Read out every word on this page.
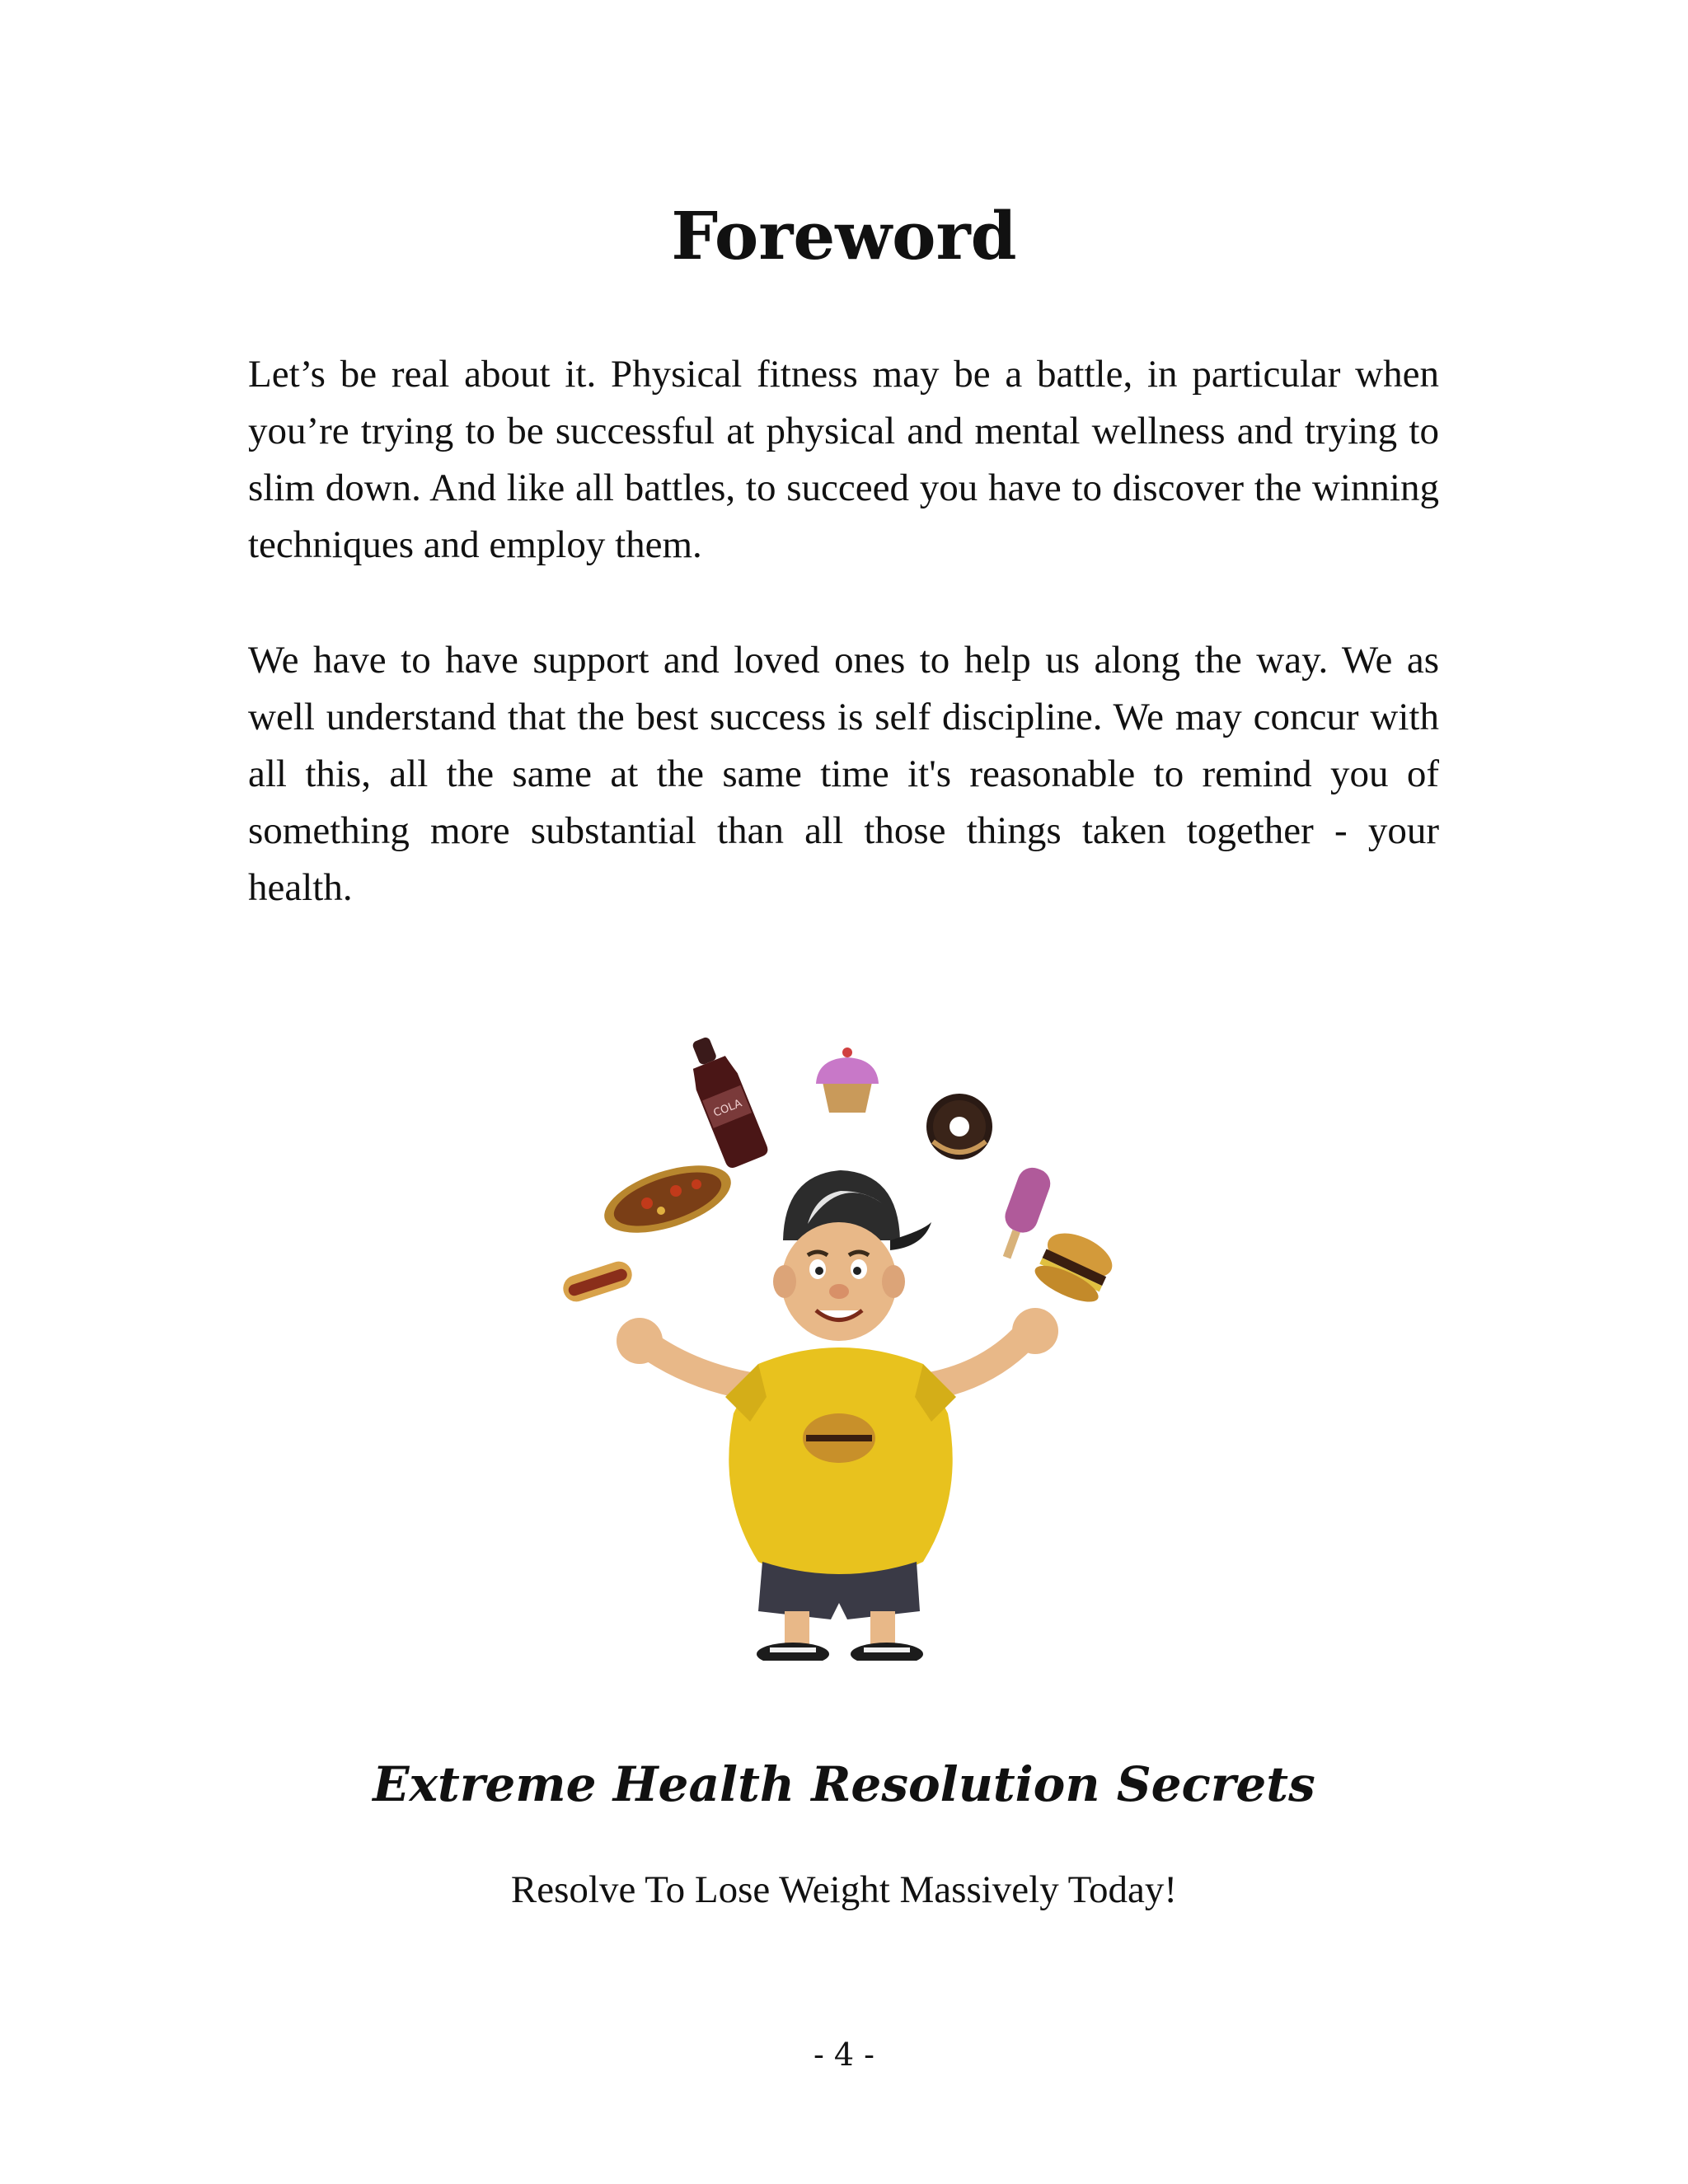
Foreword

Let’s be real about it. Physical fitness may be a battle, in particular when you’re trying to be successful at physical and mental wellness and trying to slim down. And like all battles, to succeed you have to discover the winning techniques and employ them.

We have to have support and loved ones to help us along the way. We as well understand that the best success is self discipline. We may concur with all this, all the same at the same time it's reasonable to remind you of something more substantial than all those things taken together - your health.

COLA
Extreme Health Resolution Secrets

Resolve To Lose Weight Massively Today!

- 4 -
